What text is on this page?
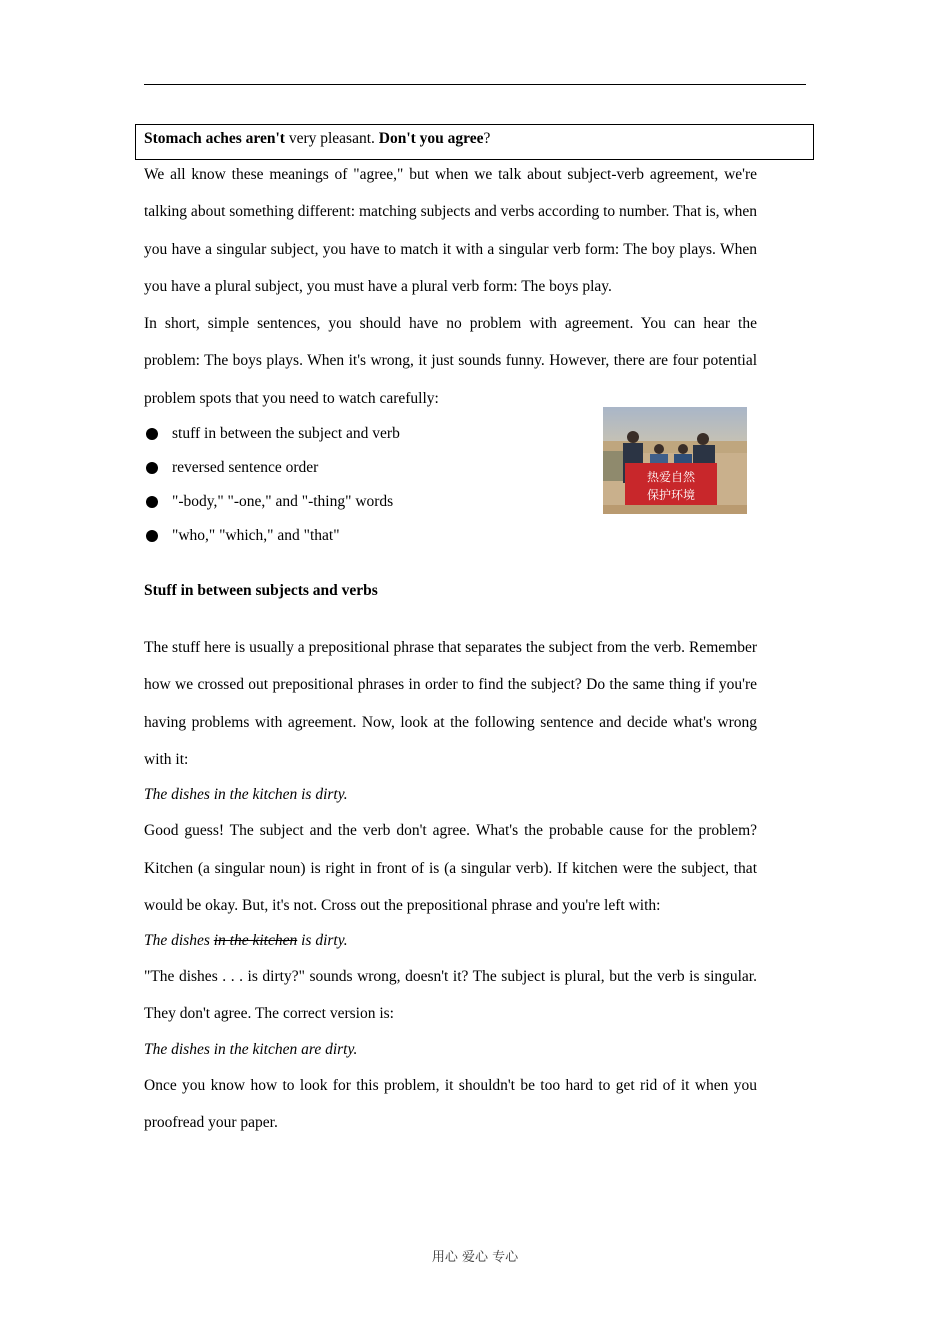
Stomach aches aren't very pleasant. Don't you agree?

We all know these meanings of "agree," but when we talk about subject-verb agreement, we're talking about something different: matching subjects and verbs according to number. That is, when you have a singular subject, you have to match it with a singular verb form: The boy plays. When you have a plural subject, you must have a plural verb form: The boys play.

In short, simple sentences, you should have no problem with agreement. You can hear the problem: The boys plays. When it's wrong, it just sounds funny. However, there are four potential problem spots that you need to watch carefully:

stuff in between the subject and verb
reversed sentence order
"-body," "-one," and "-thing" words
"who," "which," and "that"

Stuff in between subjects and verbs

The stuff here is usually a prepositional phrase that separates the subject from the verb. Remember how we crossed out prepositional phrases in order to find the subject? Do the same thing if you're having problems with agreement. Now, look at the following sentence and decide what's wrong with it:

The dishes in the kitchen is dirty.

Good guess! The subject and the verb don't agree. What's the probable cause for the problem? Kitchen (a singular noun) is right in front of is (a singular verb). If kitchen were the subject, that would be okay. But, it's not. Cross out the prepositional phrase and you're left with:

The dishes in the kitchen is dirty.

"The dishes . . . is dirty?" sounds wrong, doesn't it? The subject is plural, but the verb is singular. They don't agree. The correct version is:

The dishes in the kitchen are dirty.

Once you know how to look for this problem, it shouldn't be too hard to get rid of it when you proofread your paper.

热爱自然
保护环境
用心 爱心 专心
